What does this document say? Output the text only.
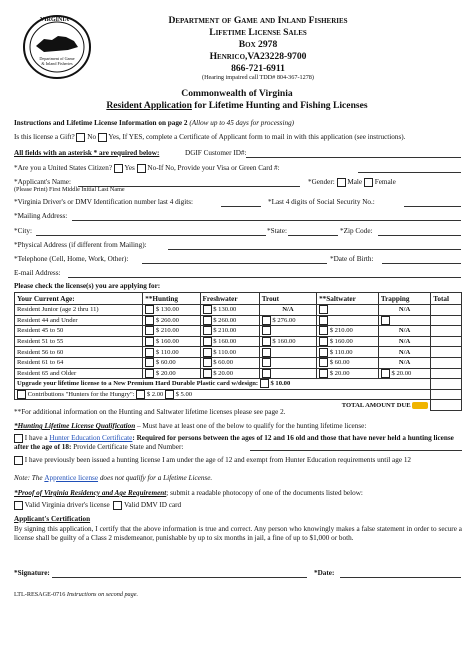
VIRGINIA
Department of Game & Inland Fisheries
Department of Game and Inland Fisheries
Lifetime License Sales
Box 2978
Henrico,VA23228-9700
866-721-6911
(Hearing impaired call TDD# 804-367-1278)
Commonwealth of Virginia
Resident Application for Lifetime Hunting and Fishing Licenses
Instructions and Lifetime License Information on page 2 (Allow up to 45 days for processing)
Is this license a Gift? No Yes, If YES, complete a Certificate of Applicant form to mail in with this application (see instructions).
All fields with an asterisk * are required below:	DGIF Customer ID#:
*Are you a United States Citizen? Yes No-If No, Provide your Visa or Green Card #:
*Applicant's Name:
(Please Print) First Middle Initial Last Name
*Gender: Male Female
*Virginia Driver's or DMV Identification number last 4 digits:	*Last 4 digits of Social Security No.:
*Mailing Address:
*City:	*State:	*Zip Code:
*Physical Address (if different from Mailing):
*Telephone (Cell, Home, Work, Other):	*Date of Birth:
E-mail Address:
Please check the license(s) you are applying for:
Your Current Age:	**Hunting	Freshwater	Trout	**Saltwater	Trapping	Total
Resident Junior (age 2 thru 11)	$ 130.00	$ 130.00	N/A		N/A	
Resident 44 and Under	$ 260.00	$ 260.00	$ 276.00			
Resident 45 to 50	$ 210.00	$ 210.00		$ 210.00	N/A	
Resident 51 to 55	$ 160.00	$ 160.00	$ 160.00	$ 160.00	N/A	
Resident 56 to 60	$ 110.00	$ 110.00		$ 110.00	N/A	
Resident 61 to 64	$ 60.00	$ 60.00		$ 60.00	N/A	
Resident 65 and Older	$ 20.00	$ 20.00		$ 20.00	$ 20.00	
Upgrade your lifetime license to a New Premium Hard Durable Plastic card w/design: $ 10.00						
Contributions "Hunters for the Hungry": $ 2.00 $ 5.00						
TOTAL AMOUNT DUE						
**For additional information on the Hunting and Saltwater lifetime licenses please see page 2.
*Hunting Lifetime License Qualification – Must have at least one of the below to qualify for the hunting lifetime license:
I have a Hunter Education Certificate: Required for persons between the ages of 12 and 16 old and those that have never held a hunting license after the age of 18: Provide Certificate State and Number:
I have previously been issued a hunting license I am under the age of 12 and exempt from Hunter Education requirements until age 12
Note: The Apprentice license does not qualify for a Lifetime License.
*Proof of Virginia Residency and Age Requirement; submit a readable photocopy of one of the documents listed below:
Valid Virginia driver's license Valid DMV ID card
Applicant's Certification
By signing this application, I certify that the above information is true and correct. Any person who knowingly makes a false statement in order to secure a license shall be guilty of a Class 2 misdemeanor, punishable by up to six months in jail, a fine of up to $1,000 or both.
*Signature:	*Date:
LTL-RESAGE-0716 Instructions on second page.
